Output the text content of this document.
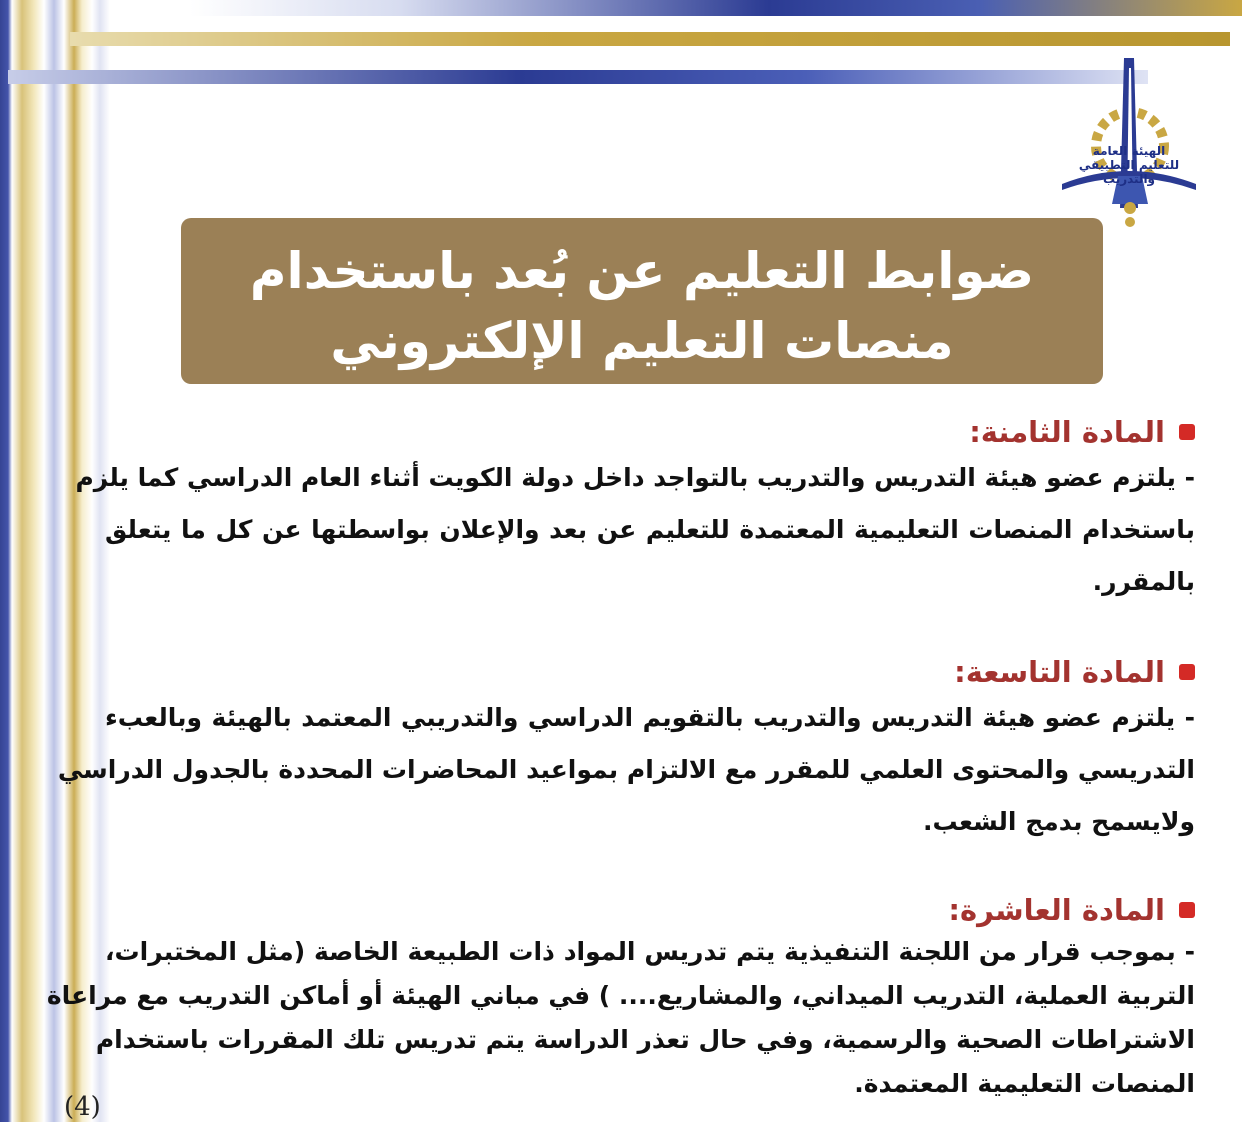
الهيئة العامة
للتعليم التطبيقي والتدريب
ضوابط التعليم عن بُعد باستخدام
منصات التعليم الإلكتروني
المادة الثامنة:
- يلتزم عضو هيئة التدريس والتدريب بالتواجد داخل دولة الكويت أثناء العام الدراسي كما يلزم
باستخدام المنصات التعليمية المعتمدة للتعليم عن بعد والإعلان بواسطتها عن كل ما يتعلق
بالمقرر.
المادة التاسعة:
- يلتزم عضو هيئة التدريس والتدريب بالتقويم الدراسي والتدريبي المعتمد بالهيئة وبالعبء
التدريسي والمحتوى العلمي للمقرر مع الالتزام بمواعيد المحاضرات المحددة بالجدول الدراسي
ولايسمح بدمج الشعب.
المادة العاشرة:
- بموجب قرار من اللجنة التنفيذية يتم تدريس المواد ذات الطبيعة الخاصة (مثل المختبرات،
التربية العملية، التدريب الميداني، والمشاريع.... ) في مباني الهيئة أو أماكن التدريب مع مراعاة
الاشتراطات الصحية والرسمية، وفي حال تعذر الدراسة يتم تدريس تلك المقررات باستخدام
المنصات التعليمية المعتمدة.
(4)
